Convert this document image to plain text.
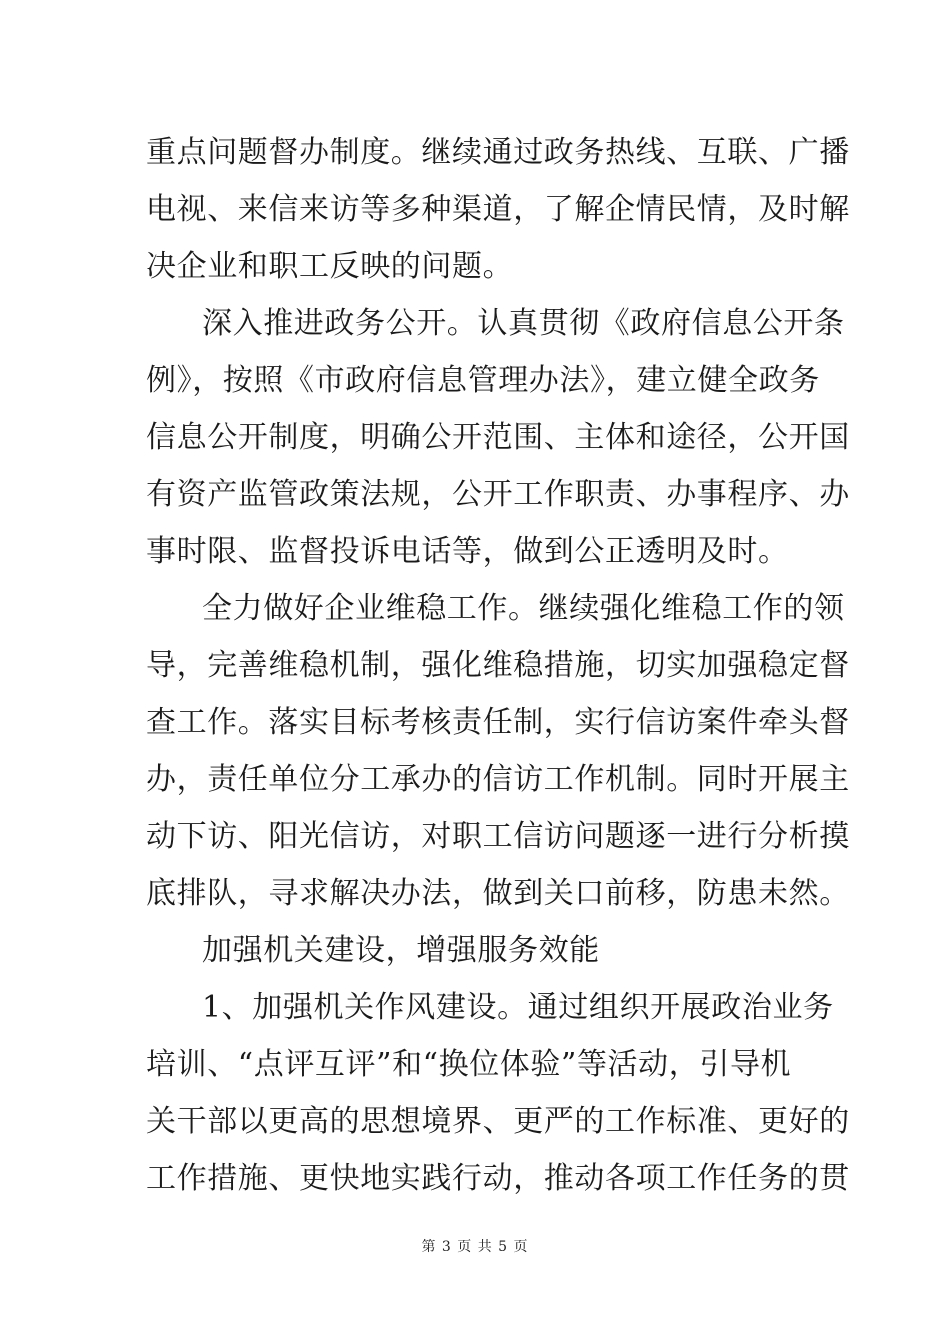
重点问题督办制度。继续通过政务热线、互联、广播
电视、来信来访等多种渠道，了解企情民情，及时解
决企业和职工反映的问题。
深入推进政务公开。认真贯彻《政府信息公开条
例》，按照《市政府信息管理办法》，建立健全政务
信息公开制度，明确公开范围、主体和途径，公开国
有资产监管政策法规，公开工作职责、办事程序、办
事时限、监督投诉电话等，做到公正透明及时。
全力做好企业维稳工作。继续强化维稳工作的领
导，完善维稳机制，强化维稳措施，切实加强稳定督
查工作。落实目标考核责任制，实行信访案件牵头督
办，责任单位分工承办的信访工作机制。同时开展主
动下访、阳光信访，对职工信访问题逐一进行分析摸
底排队，寻求解决办法，做到关口前移，防患未然。
加强机关建设，增强服务效能
1、加强机关作风建设。通过组织开展政治业务
培训、“点评互评”和“换位体验”等活动，引导机
关干部以更高的思想境界、更严的工作标准、更好的
工作措施、更快地实践行动，推动各项工作任务的贯
第 3 页 共 5 页
